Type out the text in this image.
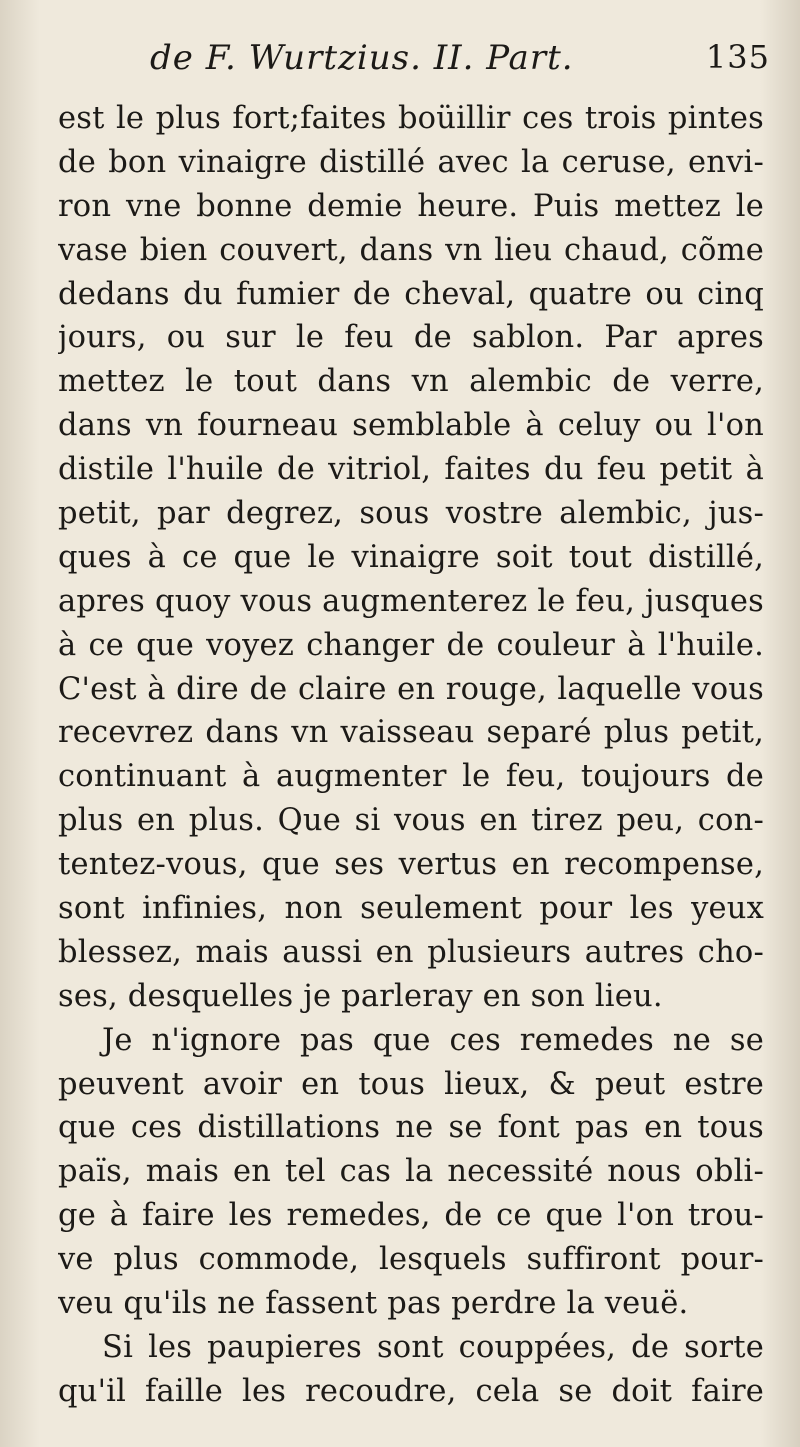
de F. Wurtzius. II. Part.	135
est le plus fort;faites boüillir ces trois pintes
de bon vinaigre distillé avec la ceruse, envi-
ron vne bonne demie heure. Puis mettez le
vase bien couvert, dans vn lieu chaud, cõme
dedans du fumier de cheval, quatre ou cinq
jours, ou sur le feu de sablon. Par apres
mettez le tout dans vn alembic de verre,
dans vn fourneau semblable à celuy ou l'on
distile l'huile de vitriol, faites du feu petit à
petit, par degrez, sous vostre alembic, jus-
ques à ce que le vinaigre soit tout distillé,
apres quoy vous augmenterez le feu, jusques
à ce que voyez changer de couleur à l'huile.
C'est à dire de claire en rouge, laquelle vous
recevrez dans vn vaisseau separé plus petit,
continuant à augmenter le feu, toujours de
plus en plus. Que si vous en tirez peu, con-
tentez-vous, que ses vertus en recompense,
sont infinies, non seulement pour les yeux
blessez, mais aussi en plusieurs autres cho-
ses, desquelles je parleray en son lieu.
Je n'ignore pas que ces remedes ne se
peuvent avoir en tous lieux, & peut estre
que ces distillations ne se font pas en tous
païs, mais en tel cas la necessité nous obli-
ge à faire les remedes, de ce que l'on trou-
ve plus commode, lesquels suffiront pour-
veu qu'ils ne fassent pas perdre la veuë.
Si les paupieres sont couppées, de sorte
qu'il faille les recoudre, cela se doit faire
